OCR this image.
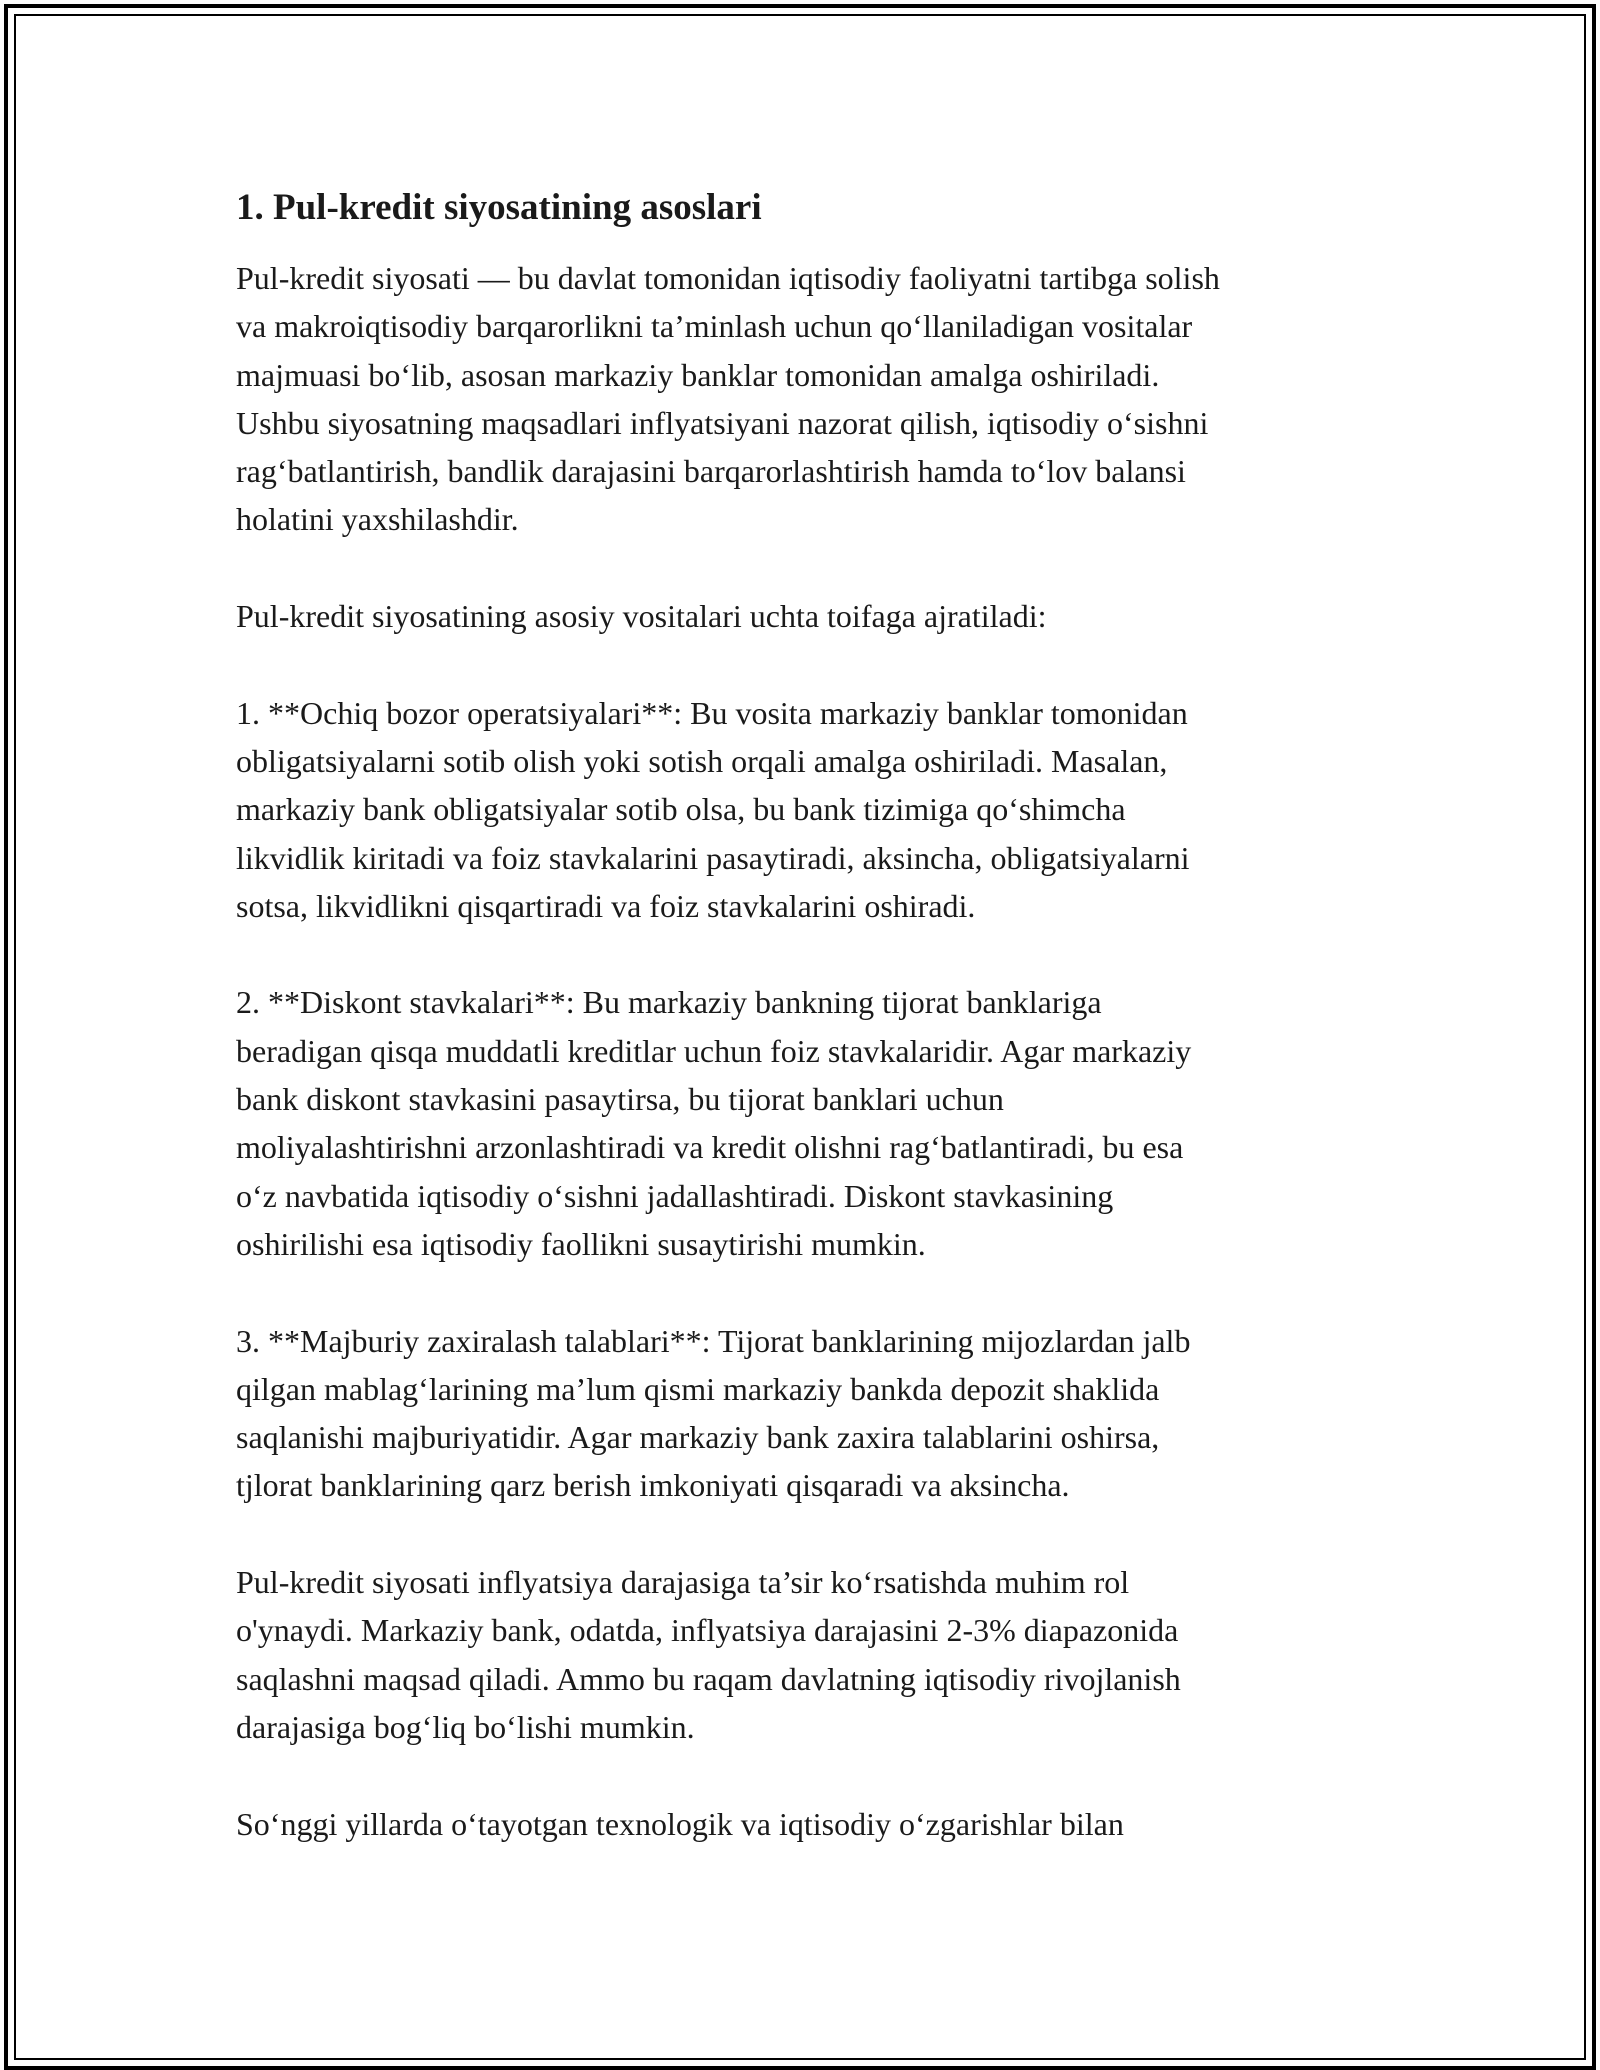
1. Pul-kredit siyosatining asoslari

Pul-kredit siyosati — bu davlat tomonidan iqtisodiy faoliyatni tartibga solish
va makroiqtisodiy barqarorlikni ta’minlash uchun qo‘llaniladigan vositalar
majmuasi bo‘lib, asosan markaziy banklar tomonidan amalga oshiriladi.
Ushbu siyosatning maqsadlari inflyatsiyani nazorat qilish, iqtisodiy o‘sishni
rag‘batlantirish, bandlik darajasini barqarorlashtirish hamda to‘lov balansi
holatini yaxshilashdir.

Pul-kredit siyosatining asosiy vositalari uchta toifaga ajratiladi:

1. **Ochiq bozor operatsiyalari**: Bu vosita markaziy banklar tomonidan
obligatsiyalarni sotib olish yoki sotish orqali amalga oshiriladi. Masalan,
markaziy bank obligatsiyalar sotib olsa, bu bank tizimiga qo‘shimcha
likvidlik kiritadi va foiz stavkalarini pasaytiradi, aksincha, obligatsiyalarni
sotsa, likvidlikni qisqartiradi va foiz stavkalarini oshiradi.

2. **Diskont stavkalari**: Bu markaziy bankning tijorat banklariga
beradigan qisqa muddatli kreditlar uchun foiz stavkalaridir. Agar markaziy
bank diskont stavkasini pasaytirsa, bu tijorat banklari uchun
moliyalashtirishni arzonlashtiradi va kredit olishni rag‘batlantiradi, bu esa
o‘z navbatida iqtisodiy o‘sishni jadallashtiradi. Diskont stavkasining
oshirilishi esa iqtisodiy faollikni susaytirishi mumkin.

3. **Majburiy zaxiralash talablari**: Tijorat banklarining mijozlardan jalb
qilgan mablag‘larining ma’lum qismi markaziy bankda depozit shaklida
saqlanishi majburiyatidir. Agar markaziy bank zaxira talablarini oshirsa,
tjlorat banklarining qarz berish imkoniyati qisqaradi va aksincha.

Pul-kredit siyosati inflyatsiya darajasiga ta’sir ko‘rsatishda muhim rol
o'ynaydi. Markaziy bank, odatda, inflyatsiya darajasini 2-3% diapazonida
saqlashni maqsad qiladi. Ammo bu raqam davlatning iqtisodiy rivojlanish
darajasiga bog‘liq bo‘lishi mumkin.

So‘nggi yillarda o‘tayotgan texnologik va iqtisodiy o‘zgarishlar bilan
